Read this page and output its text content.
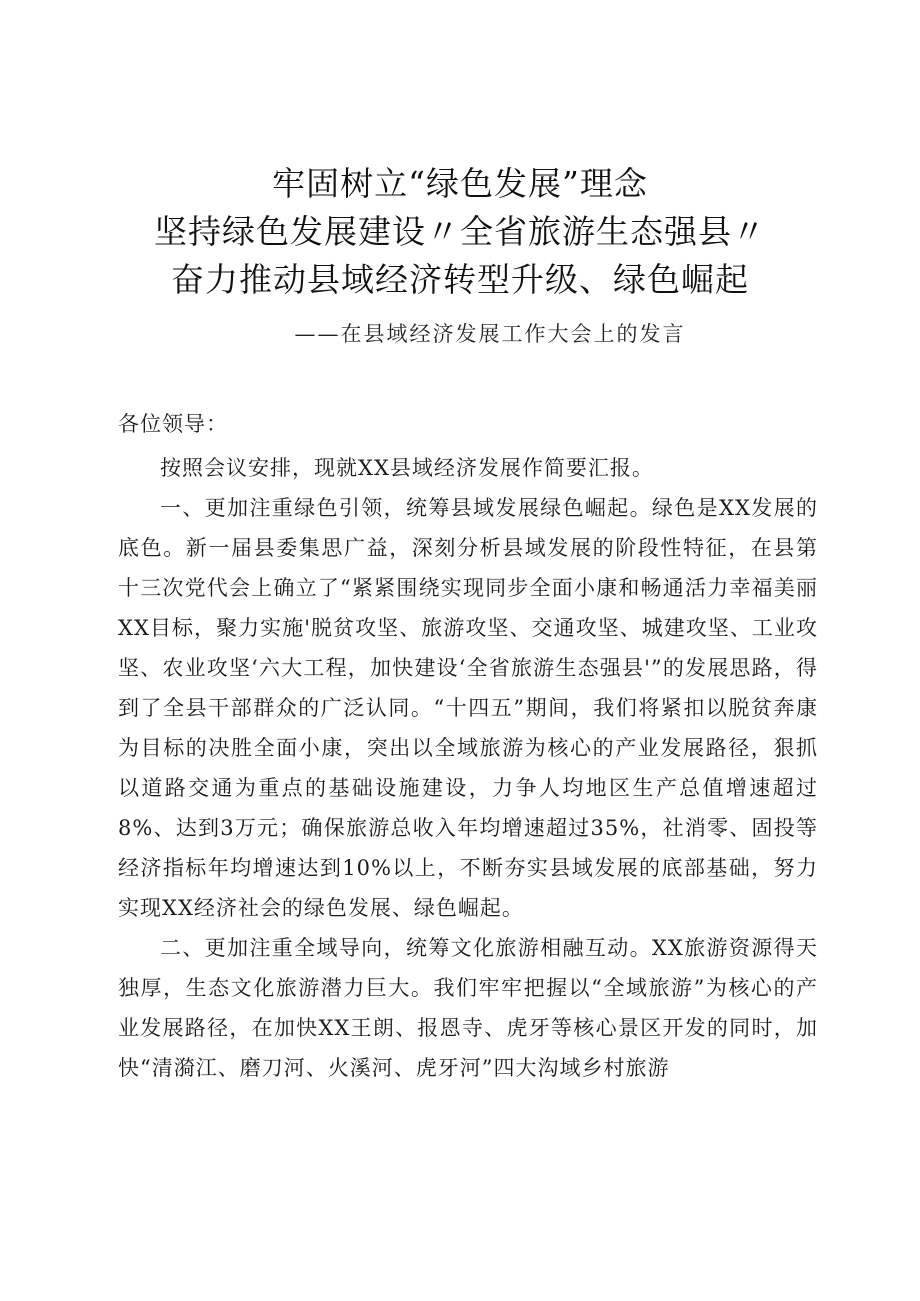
牢固树立“绿色发展”理念
坚持绿色发展建设〃全省旅游生态强县〃
奋力推动县域经济转型升级、绿色崛起
——在县域经济发展工作大会上的发言

各位领导：

按照会议安排，现就XX县域经济发展作简要汇报。

一、更加注重绿色引领，统筹县域发展绿色崛起。绿色是XX发展的底色。新一届县委集思广益，深刻分析县域发展的阶段性特征，在县第十三次党代会上确立了“紧紧围绕实现同步全面小康和畅通活力幸福美丽XX目标，聚力实施'脱贫攻坚、旅游攻坚、交通攻坚、城建攻坚、工业攻坚、农业攻坚‘六大工程，加快建设‘全省旅游生态强县'”的发展思路，得到了全县干部群众的广泛认同。“十四五”期间，我们将紧扣以脱贫奔康为目标的决胜全面小康，突出以全域旅游为核心的产业发展路径，狠抓以道路交通为重点的基础设施建设，力争人均地区生产总值增速超过8%、达到3万元；确保旅游总收入年均增速超过35%，社消零、固投等经济指标年均增速达到10%以上，不断夯实县域发展的底部基础，努力实现XX经济社会的绿色发展、绿色崛起。

二、更加注重全域导向，统筹文化旅游相融互动。XX旅游资源得天独厚，生态文化旅游潜力巨大。我们牢牢把握以“全域旅游”为核心的产业发展路径，在加快XX王朗、报恩寺、虎牙等核心景区开发的同时，加快“清漪江、磨刀河、火溪河、虎牙河”四大沟域乡村旅游
